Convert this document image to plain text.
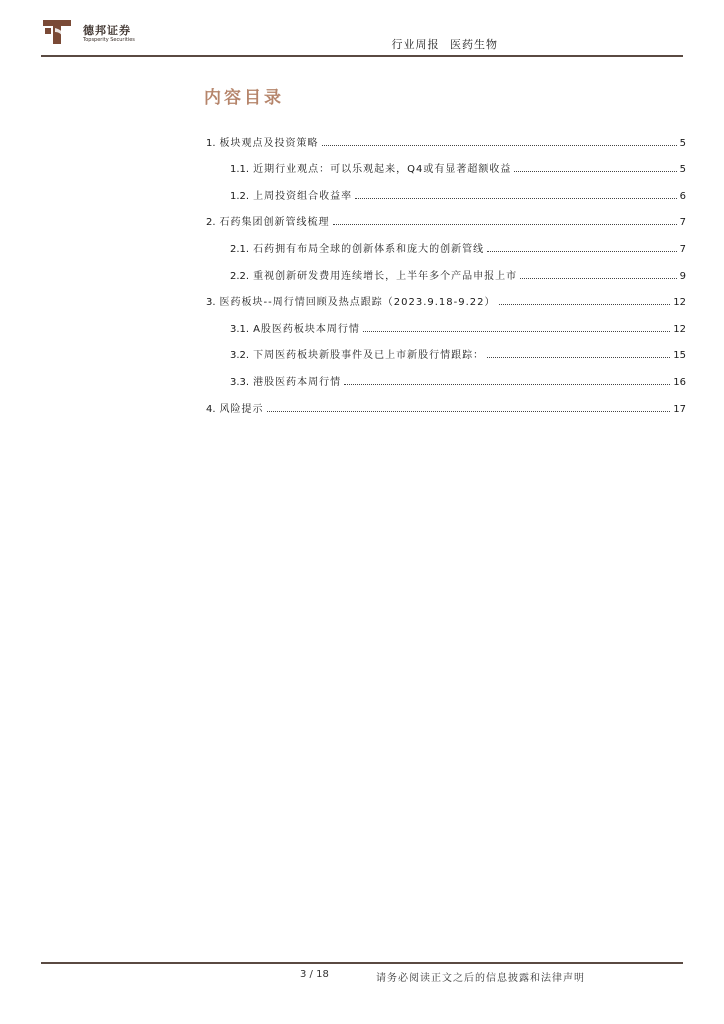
德邦证券
Topsperity Securities	行业周报 医药生物
内容目录
1. 板块观点及投资策略	5
1.1. 近期行业观点：可以乐观起来，Q4或有显著超额收益	5
1.2. 上周投资组合收益率	6
2. 石药集团创新管线梳理	7
2.1. 石药拥有布局全球的创新体系和庞大的创新管线	7
2.2. 重视创新研发费用连续增长，上半年多个产品申报上市	9
3. 医药板块--周行情回顾及热点跟踪（2023.9.18-9.22）	12
3.1. A股医药板块本周行情	12
3.2. 下周医药板块新股事件及已上市新股行情跟踪：	15
3.3. 港股医药本周行情	16
4. 风险提示	17
3 / 18	请务必阅读正文之后的信息披露和法律声明
